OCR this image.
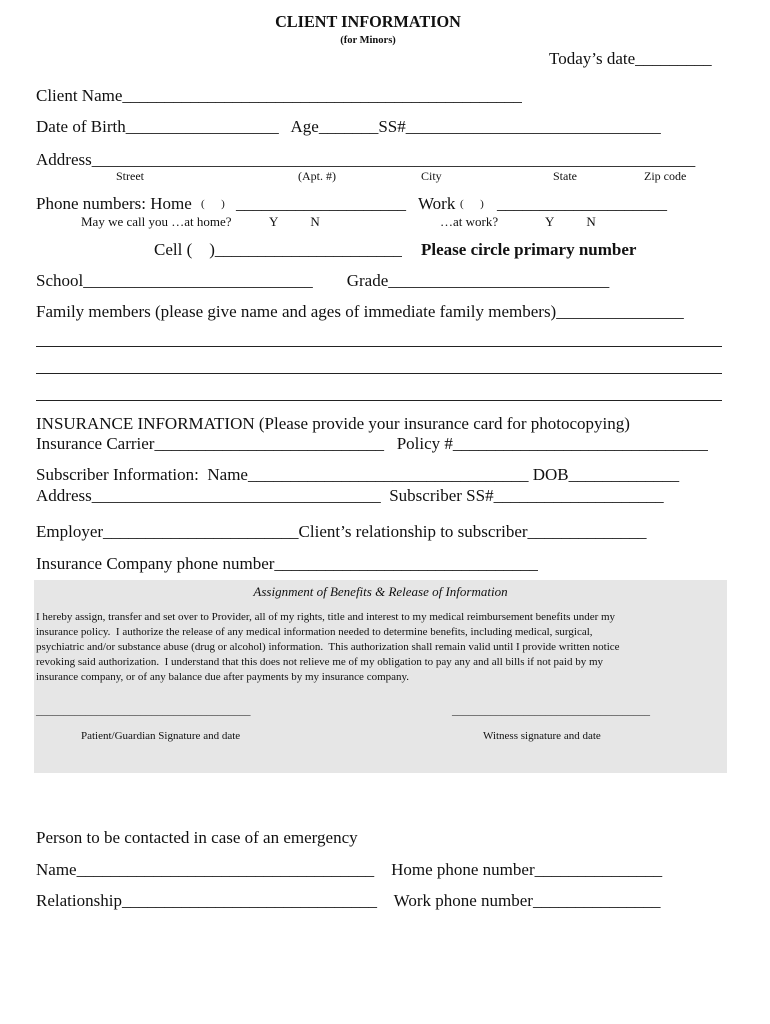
CLIENT INFORMATION
(for Minors)
Today’s date_________
Client Name_______________________________________________
Date of Birth__________________   Age_______SS#______________________________
Address_______________________________________________________________________
Street	(Apt. #)	City	State	Zip code
Phone numbers: Home (      ) ____________________ Work (      ) ____________________
May we call you …at home?	Y          N	…at work?	Y          N
Cell (    )______________________ Please circle primary number
School___________________________        Grade__________________________
Family members (please give name and ages of immediate family members)_______________
INSURANCE INFORMATION (Please provide your insurance card for photocopying)
Insurance Carrier___________________________   Policy #______________________________
Subscriber Information:  Name_________________________________ DOB_____________
Address__________________________________  Subscriber SS#____________________
Employer_______________________Client’s relationship to subscriber______________
Insurance Company phone number_______________________________
Assignment of Benefits & Release of Information
I hereby assign, transfer and set over to Provider, all of my rights, title and interest to my medical reimbursement benefits under my
insurance policy.  I authorize the release of any medical information needed to determine benefits, including medical, surgical,
psychiatric and/or substance abuse (drug or alcohol) information.  This authorization shall remain valid until I provide written notice
revoking said authorization.  I understand that this does not relieve me of my obligation to pay any and all bills if not paid by my
insurance company, or of any balance due after payments by my insurance company.
_______________________________________	____________________________________
Patient/Guardian Signature and date	Witness signature and date
Person to be contacted in case of an emergency
Name___________________________________    Home phone number_______________
Relationship______________________________    Work phone number_______________
